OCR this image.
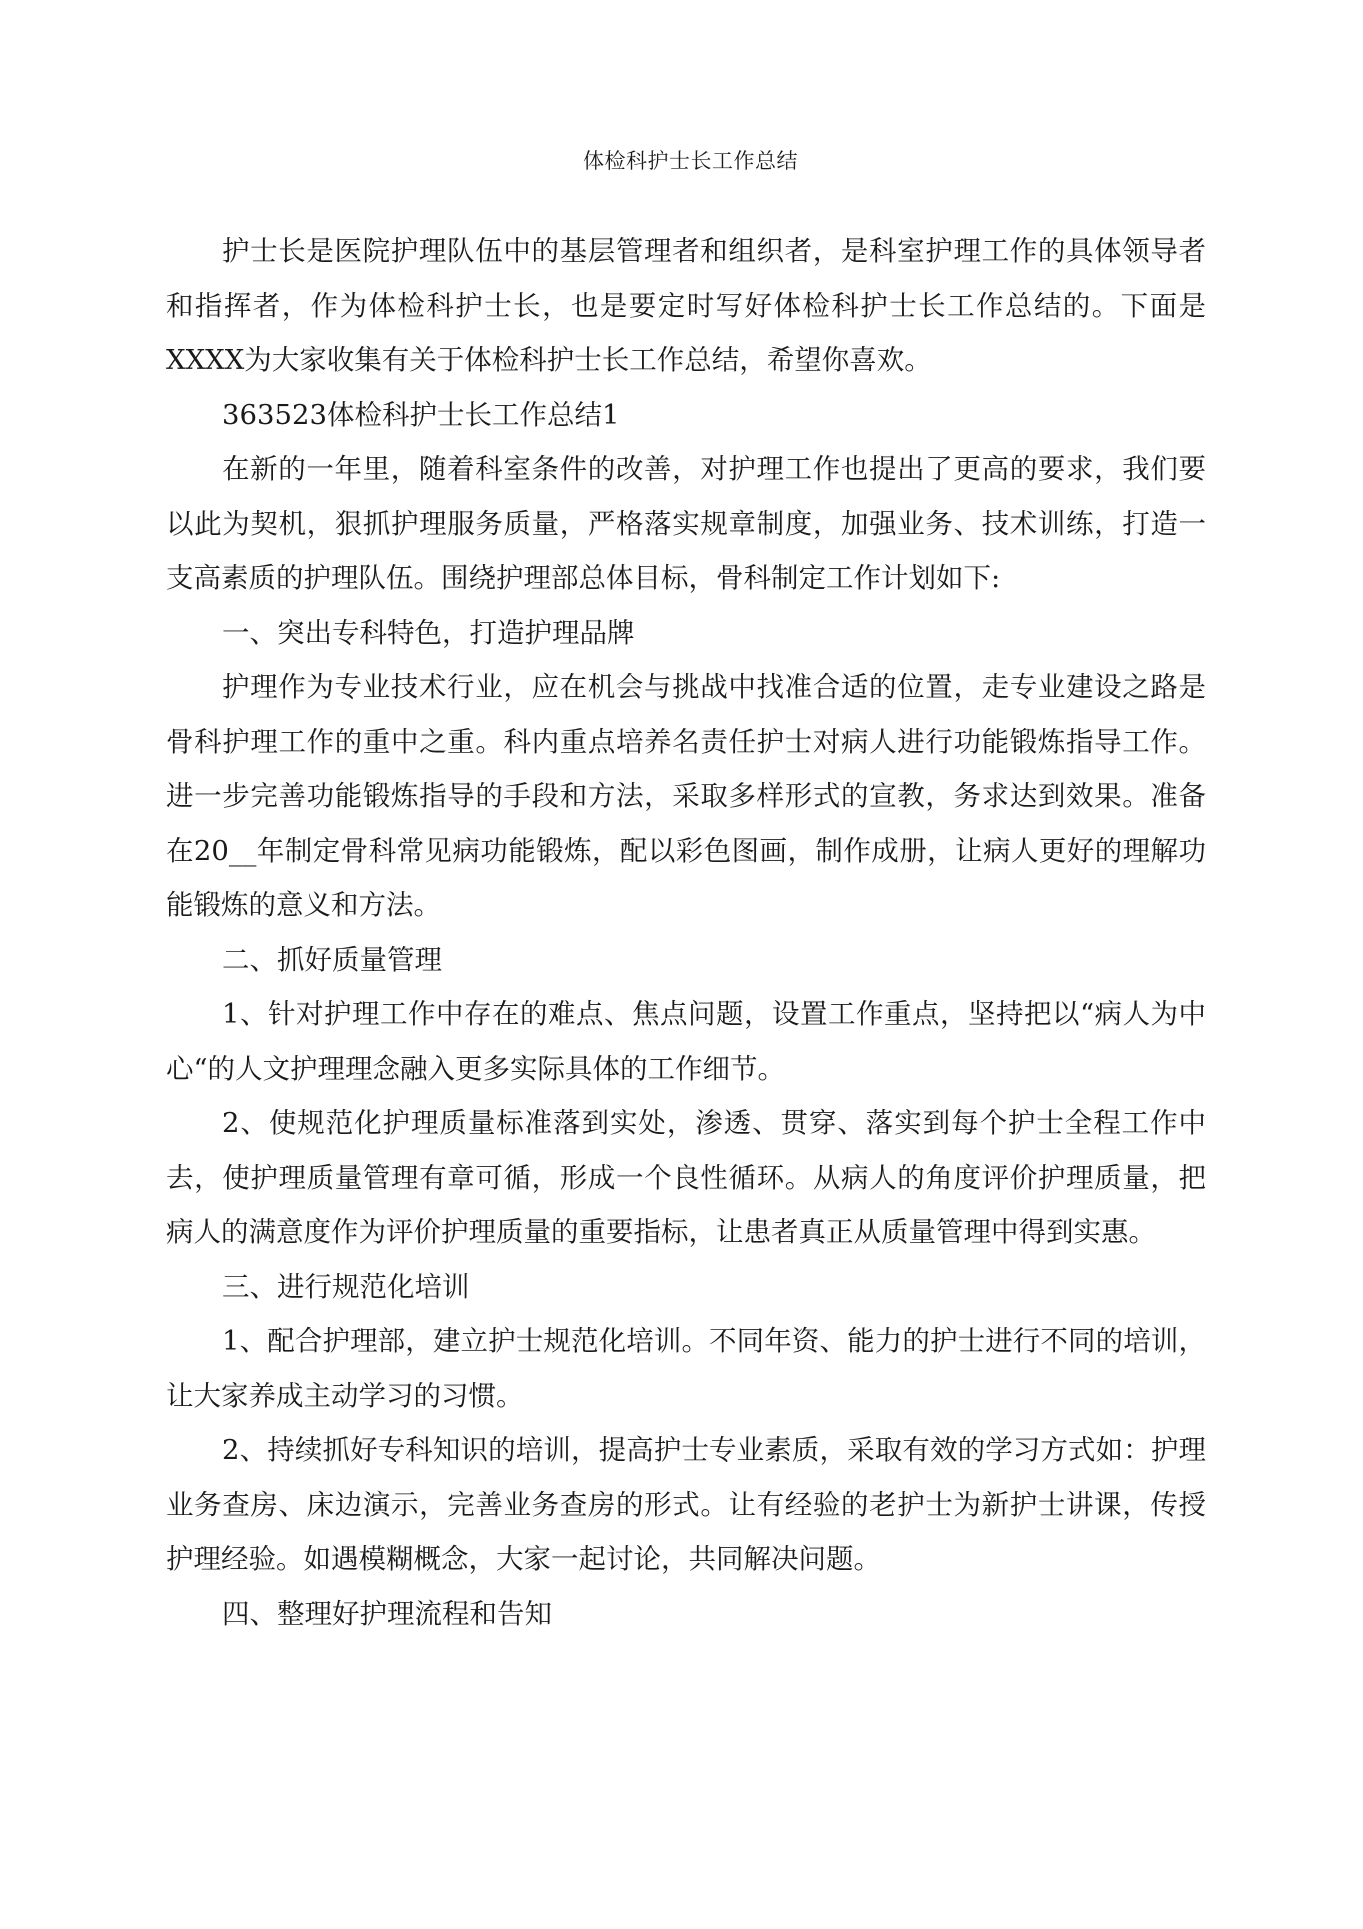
体检科护士长工作总结

护士长是医院护理队伍中的基层管理者和组织者，是科室护理工作的具体领导者和指挥者，作为体检科护士长，也是要定时写好体检科护士长工作总结的。下面是XXXX为大家收集有关于体检科护士长工作总结，希望你喜欢。

363523体检科护士长工作总结1

在新的一年里，随着科室条件的改善，对护理工作也提出了更高的要求，我们要以此为契机，狠抓护理服务质量，严格落实规章制度，加强业务、技术训练，打造一支高素质的护理队伍。围绕护理部总体目标，骨科制定工作计划如下:

一、突出专科特色，打造护理品牌

护理作为专业技术行业，应在机会与挑战中找准合适的位置，走专业建设之路是骨科护理工作的重中之重。科内重点培养名责任护士对病人进行功能锻炼指导工作。进一步完善功能锻炼指导的手段和方法，采取多样形式的宣教，务求达到效果。准备在20__年制定骨科常见病功能锻炼，配以彩色图画，制作成册，让病人更好的理解功能锻炼的意义和方法。

二、抓好质量管理

1、针对护理工作中存在的难点、焦点问题，设置工作重点，坚持把以“病人为中心“的人文护理理念融入更多实际具体的工作细节。

2、使规范化护理质量标准落到实处，渗透、贯穿、落实到每个护士全程工作中去，使护理质量管理有章可循，形成一个良性循环。从病人的角度评价护理质量，把病人的满意度作为评价护理质量的重要指标，让患者真正从质量管理中得到实惠。

三、进行规范化培训

1、配合护理部，建立护士规范化培训。不同年资、能力的护士进行不同的培训，让大家养成主动学习的习惯。

2、持续抓好专科知识的培训，提高护士专业素质，采取有效的学习方式如：护理业务查房、床边演示，完善业务查房的形式。让有经验的老护士为新护士讲课，传授护理经验。如遇模糊概念，大家一起讨论，共同解决问题。

四、整理好护理流程和告知
